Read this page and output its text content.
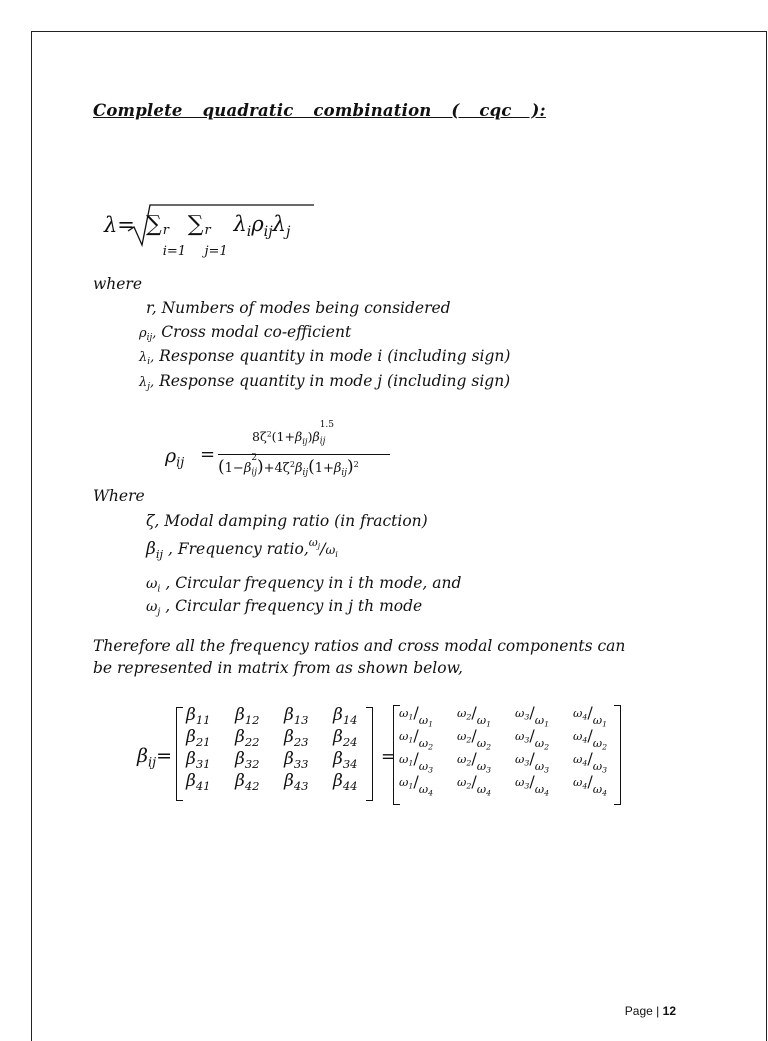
Complete quadratic combination ( cqc ):
λ= ∑ r
i=1
∑ r
j=1
$\lambda_i\rho_{ij}\lambda_j$
where
r, Numbers of modes being considered
$\rho_{ij}$, Cross modal co-efficient
$\lambda_i$, Response quantity in mode i (including sign)
$\lambda_j$, Response quantity in mode j (including sign)
$\rho_{ij}$ =
$8\zeta^2(1+\beta_{ij})\beta$
1.5
$_{ij}$
(1−β
2
$_{ij})+4\zeta^2\beta_{ij}(1+\beta_{ij})^2$
Where
ζ, Modal damping ratio (in fraction)
$\beta_{ij}$ , Frequency $ratio,^{\omega_j}/\omega_i$
$\omega_i$ , Circular frequency in i th mode, and
$\omega_j$ , Circular frequency in j th mode
Therefore all the frequency ratios and cross modal components can
be represented in matrix from as shown below,
$\beta_{ij}=$
$\beta_{11}$ $\beta_{12}$ $\beta_{13}$ $\beta_{14}$
$\beta_{21}$ $\beta_{22}$ $\beta_{23}$ $\beta_{24}$
$\beta_{31}$ $\beta_{32}$ $\beta_{33}$ $\beta_{34}$
$\beta_{41}$ $\beta_{42}$ $\beta_{43}$ $\beta_{44}$
=
$\omega_1/\omega_1$
$\omega_2/\omega_1$
$\omega_3/\omega_1$
$\omega_4/\omega_1$
$\omega_1/\omega_2$
$\omega_2/\omega_2$
$\omega_3/\omega_2$
$\omega_4/\omega_2$
$\omega_1/\omega_3$
$\omega_2/\omega_3$
$\omega_3/\omega_3$
$\omega_4/\omega_3$
$\omega_1/\omega_4$
$\omega_2/\omega_4$
$\omega_3/\omega_4$
$\omega_4/\omega_4$
Page | 12
